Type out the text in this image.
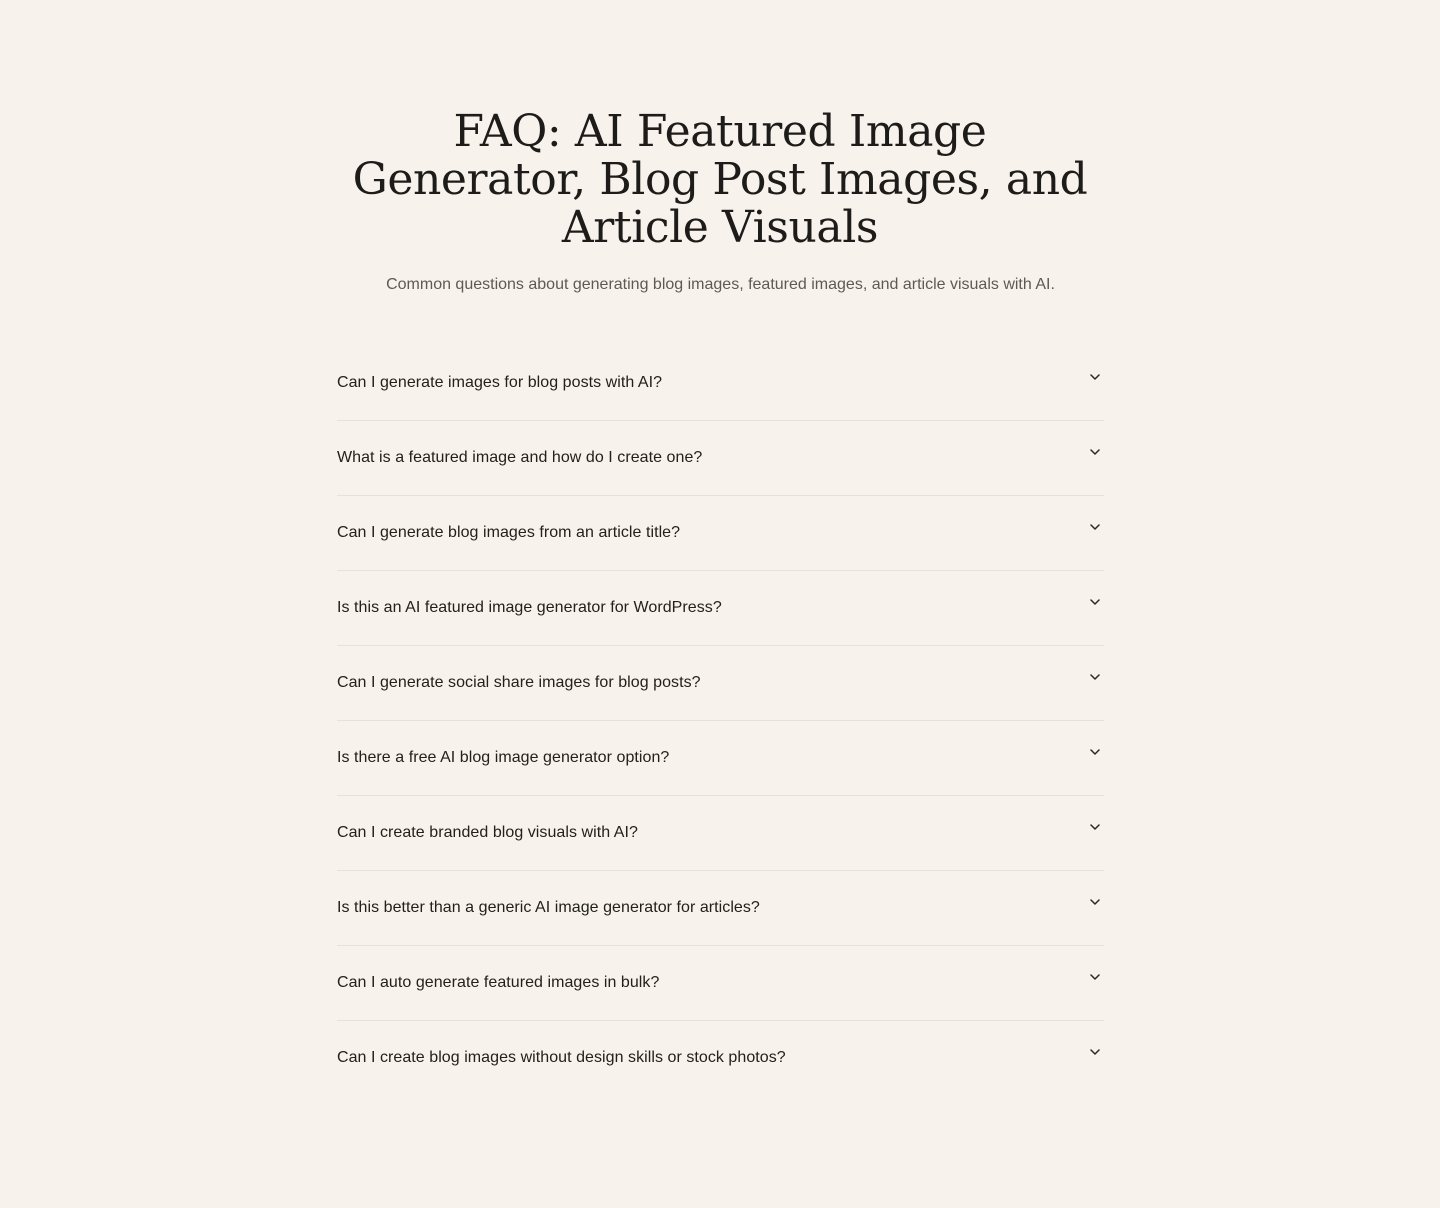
FAQ: AI Featured Image
Generator, Blog Post Images, and
Article Visuals

Common questions about generating blog images, featured images, and article visuals with AI.

Can I generate images for blog posts with AI?
What is a featured image and how do I create one?
Can I generate blog images from an article title?
Is this an AI featured image generator for WordPress?
Can I generate social share images for blog posts?
Is there a free AI blog image generator option?
Can I create branded blog visuals with AI?
Is this better than a generic AI image generator for articles?
Can I auto generate featured images in bulk?
Can I create blog images without design skills or stock photos?
